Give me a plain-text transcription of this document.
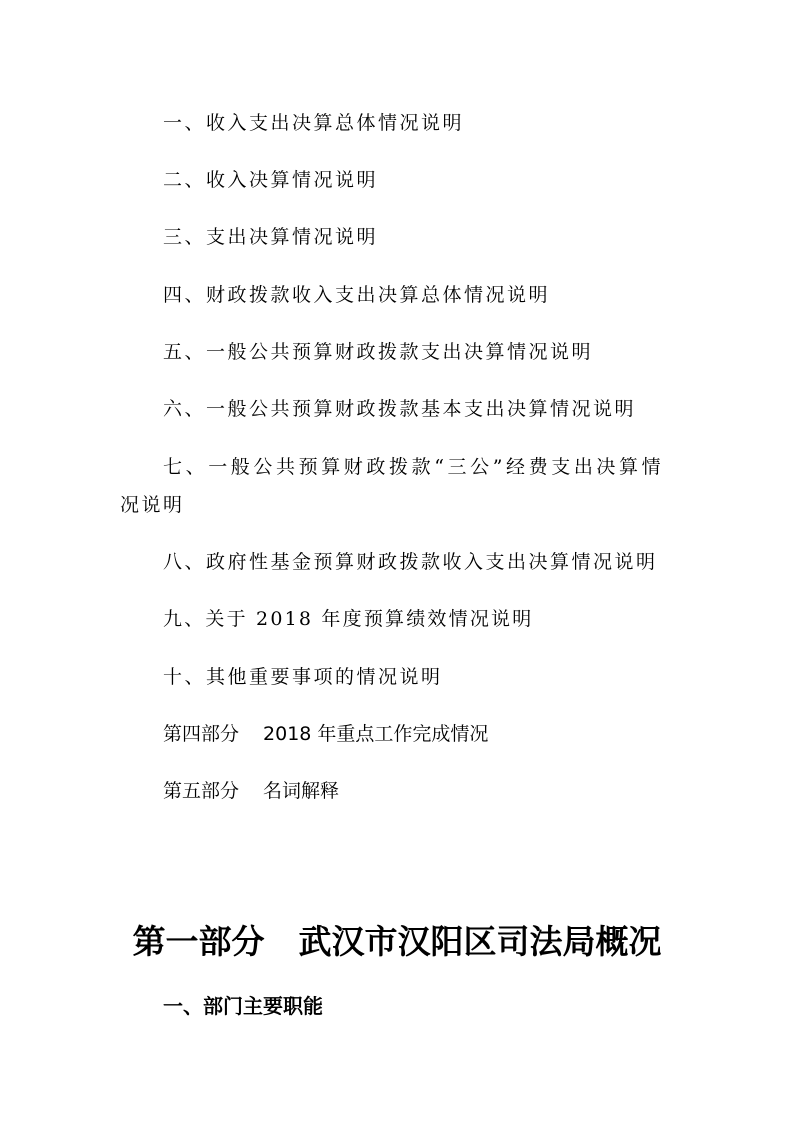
一、收入支出决算总体情况说明
二、收入决算情况说明
三、支出决算情况说明
四、财政拨款收入支出决算总体情况说明
五、一般公共预算财政拨款支出决算情况说明
六、一般公共预算财政拨款基本支出决算情况说明
七、一般公共预算财政拨款“三公”经费支出决算情
况说明
八、政府性基金预算财政拨款收入支出决算情况说明
九、关于 2018 年度预算绩效情况说明
十、其他重要事项的情况说明
第四部分 2018 年重点工作完成情况
第五部分 名词解释
第一部分 武汉市汉阳区司法局概况
一、部门主要职能
